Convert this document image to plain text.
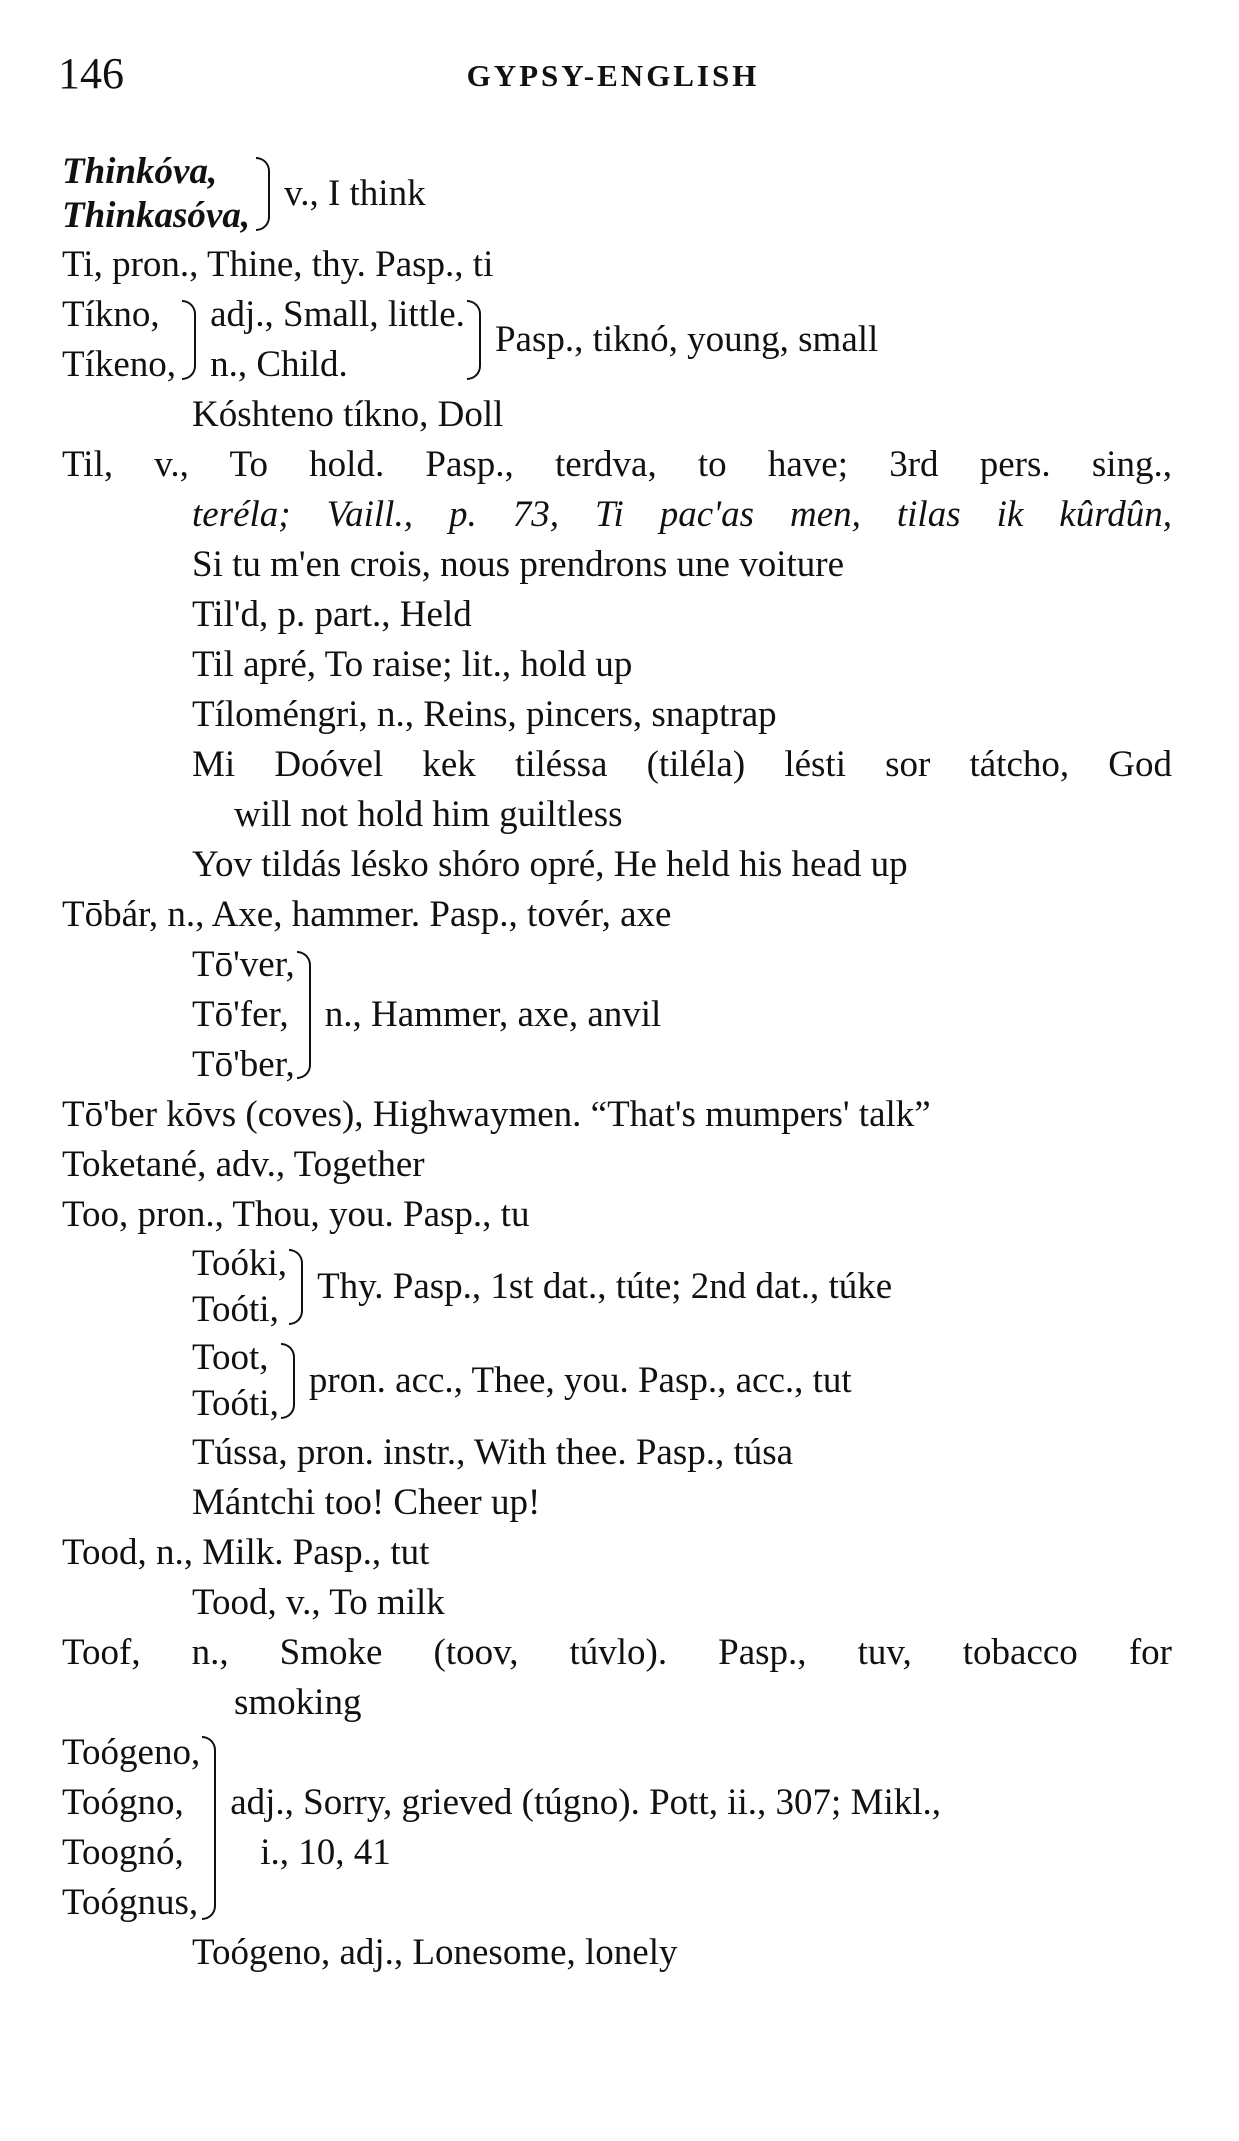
146	GYPSY-ENGLISH
Thinkóva,
Thinkasóva,
v., I think
Ti, pron., Thine, thy. Pasp., ti
Tíkno,
Tíkeno,
adj., Small, little.
n., Child.
Pasp., tiknó, young, small
Kóshteno tíkno, Doll
Til, v., To hold. Pasp., terdva, to have; 3rd pers. sing.,
teréla; Vaill., p. 73, Ti pac'as men, tilas ik kûrdûn,
Si tu m'en crois, nous prendrons une voiture
Til'd, p. part., Held
Til apré, To raise; lit., hold up
Tíloméngri, n., Reins, pincers, snaptrap
Mi Doóvel kek tiléssa (tiléla) lésti sor tátcho, God
will not hold him guiltless
Yov tildás lésko shóro opré, He held his head up
Tōbár, n., Axe, hammer. Pasp., tovér, axe
Tō'ver,
Tō'fer,
Tō'ber,
n., Hammer, axe, anvil
Tō'ber kōvs (coves), Highwaymen. “That's mumpers' talk”
Toketané, adv., Together
Too, pron., Thou, you. Pasp., tu
Toóki,
Toóti,
Thy. Pasp., 1st dat., túte; 2nd dat., túke
Toot,
Toóti,
pron. acc., Thee, you. Pasp., acc., tut
Tússa, pron. instr., With thee. Pasp., túsa
Mántchi too! Cheer up!
Tood, n., Milk. Pasp., tut
Tood, v., To milk
Toof, n., Smoke (toov, túvlo). Pasp., tuv, tobacco for
smoking
Toógeno,
Toógno,
Toognó,
Toógnus,
adj., Sorry, grieved (túgno). Pott, ii., 307; Mikl.,
i., 10, 41
Toógeno, adj., Lonesome, lonely
